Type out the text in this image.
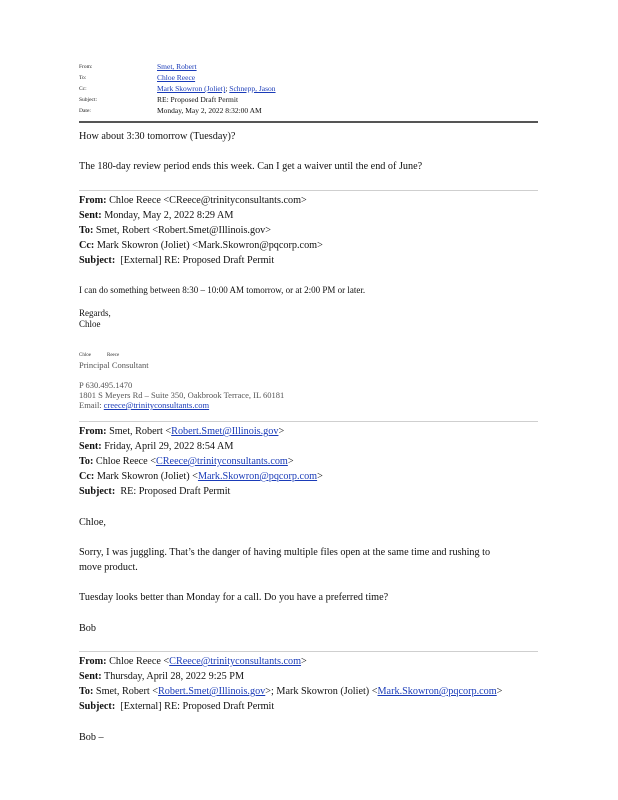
From:	Smet, Robert
To:	Chloe Reece
Cc:	Mark Skowron (Joliet); Schnepp, Jason
Subject:	RE: Proposed Draft Permit
Date:	Monday, May 2, 2022 8:32:00 AM
How about 3:30 tomorrow (Tuesday)?
The 180-day review period ends this week. Can I get a waiver until the end of June?
From: Chloe Reece <CReece@trinityconsultants.com>
Sent: Monday, May 2, 2022 8:29 AM
To: Smet, Robert <Robert.Smet@Illinois.gov>
Cc: Mark Skowron (Joliet) <Mark.Skowron@pqcorp.com>
Subject: [External] RE: Proposed Draft Permit
I can do something between 8:30 – 10:00 AM tomorrow, or at 2:00 PM or later.
Regards,
Chloe
Chloe	Reece
Principal Consultant
P 630.495.1470
1801 S Meyers Rd – Suite 350, Oakbrook Terrace, IL 60181
Email: creece@trinityconsultants.com
From: Smet, Robert <Robert.Smet@Illinois.gov>
Sent: Friday, April 29, 2022 8:54 AM
To: Chloe Reece <CReece@trinityconsultants.com>
Cc: Mark Skowron (Joliet) <Mark.Skowron@pqcorp.com>
Subject: RE: Proposed Draft Permit
Chloe,
Sorry, I was juggling. That’s the danger of having multiple files open at the same time and rushing to
move product.
Tuesday looks better than Monday for a call. Do you have a preferred time?
Bob
From: Chloe Reece <CReece@trinityconsultants.com>
Sent: Thursday, April 28, 2022 9:25 PM
To: Smet, Robert <Robert.Smet@Illinois.gov>; Mark Skowron (Joliet) <Mark.Skowron@pqcorp.com>
Subject: [External] RE: Proposed Draft Permit
Bob –
